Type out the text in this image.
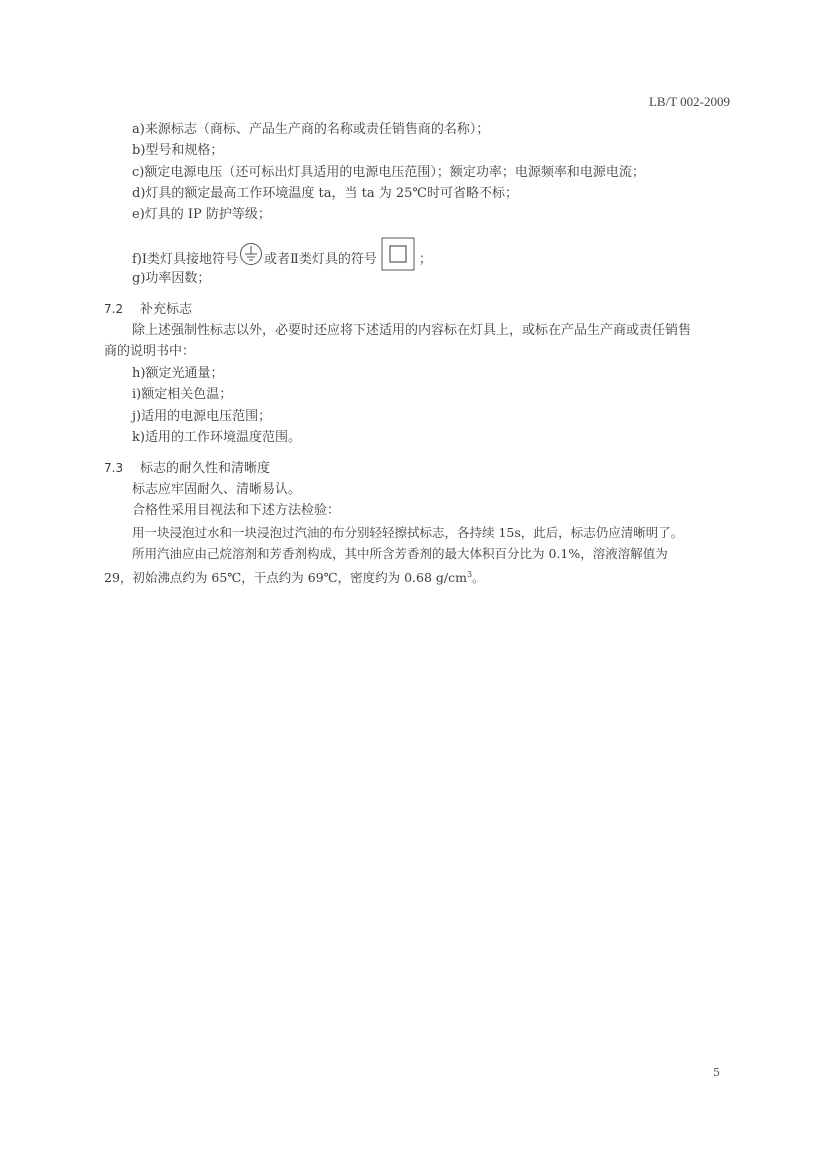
LB/T 002-2009
a)来源标志（商标、产品生产商的名称或责任销售商的名称）；
b)型号和规格；
c)额定电源电压（还可标出灯具适用的电源电压范围）；额定功率；电源频率和电源电流；
d)灯具的额定最高工作环境温度 ta，当 ta 为 25℃时可省略不标；
e)灯具的 IP 防护等级；
f)Ⅰ类灯具接地符号 或者Ⅱ类灯具的符号	；
g)功率因数；
7.2 补充标志
除上述强制性标志以外，必要时还应将下述适用的内容标在灯具上，或标在产品生产商或责任销售
商的说明书中：
h)额定光通量；
i)额定相关色温；
j)适用的电源电压范围；
k)适用的工作环境温度范围。
7.3 标志的耐久性和清晰度
标志应牢固耐久、清晰易认。
合格性采用目视法和下述方法检验：
用一块浸泡过水和一块浸泡过汽油的布分别轻轻擦拭标志，各持续 15s，此后，标志仍应清晰明了。
所用汽油应由己烷溶剂和芳香剂构成，其中所含芳香剂的最大体积百分比为 0.1%，溶液溶解值为
29，初始沸点约为 65℃，干点约为 69℃，密度约为 0.68 $g/cm^3$。
5
